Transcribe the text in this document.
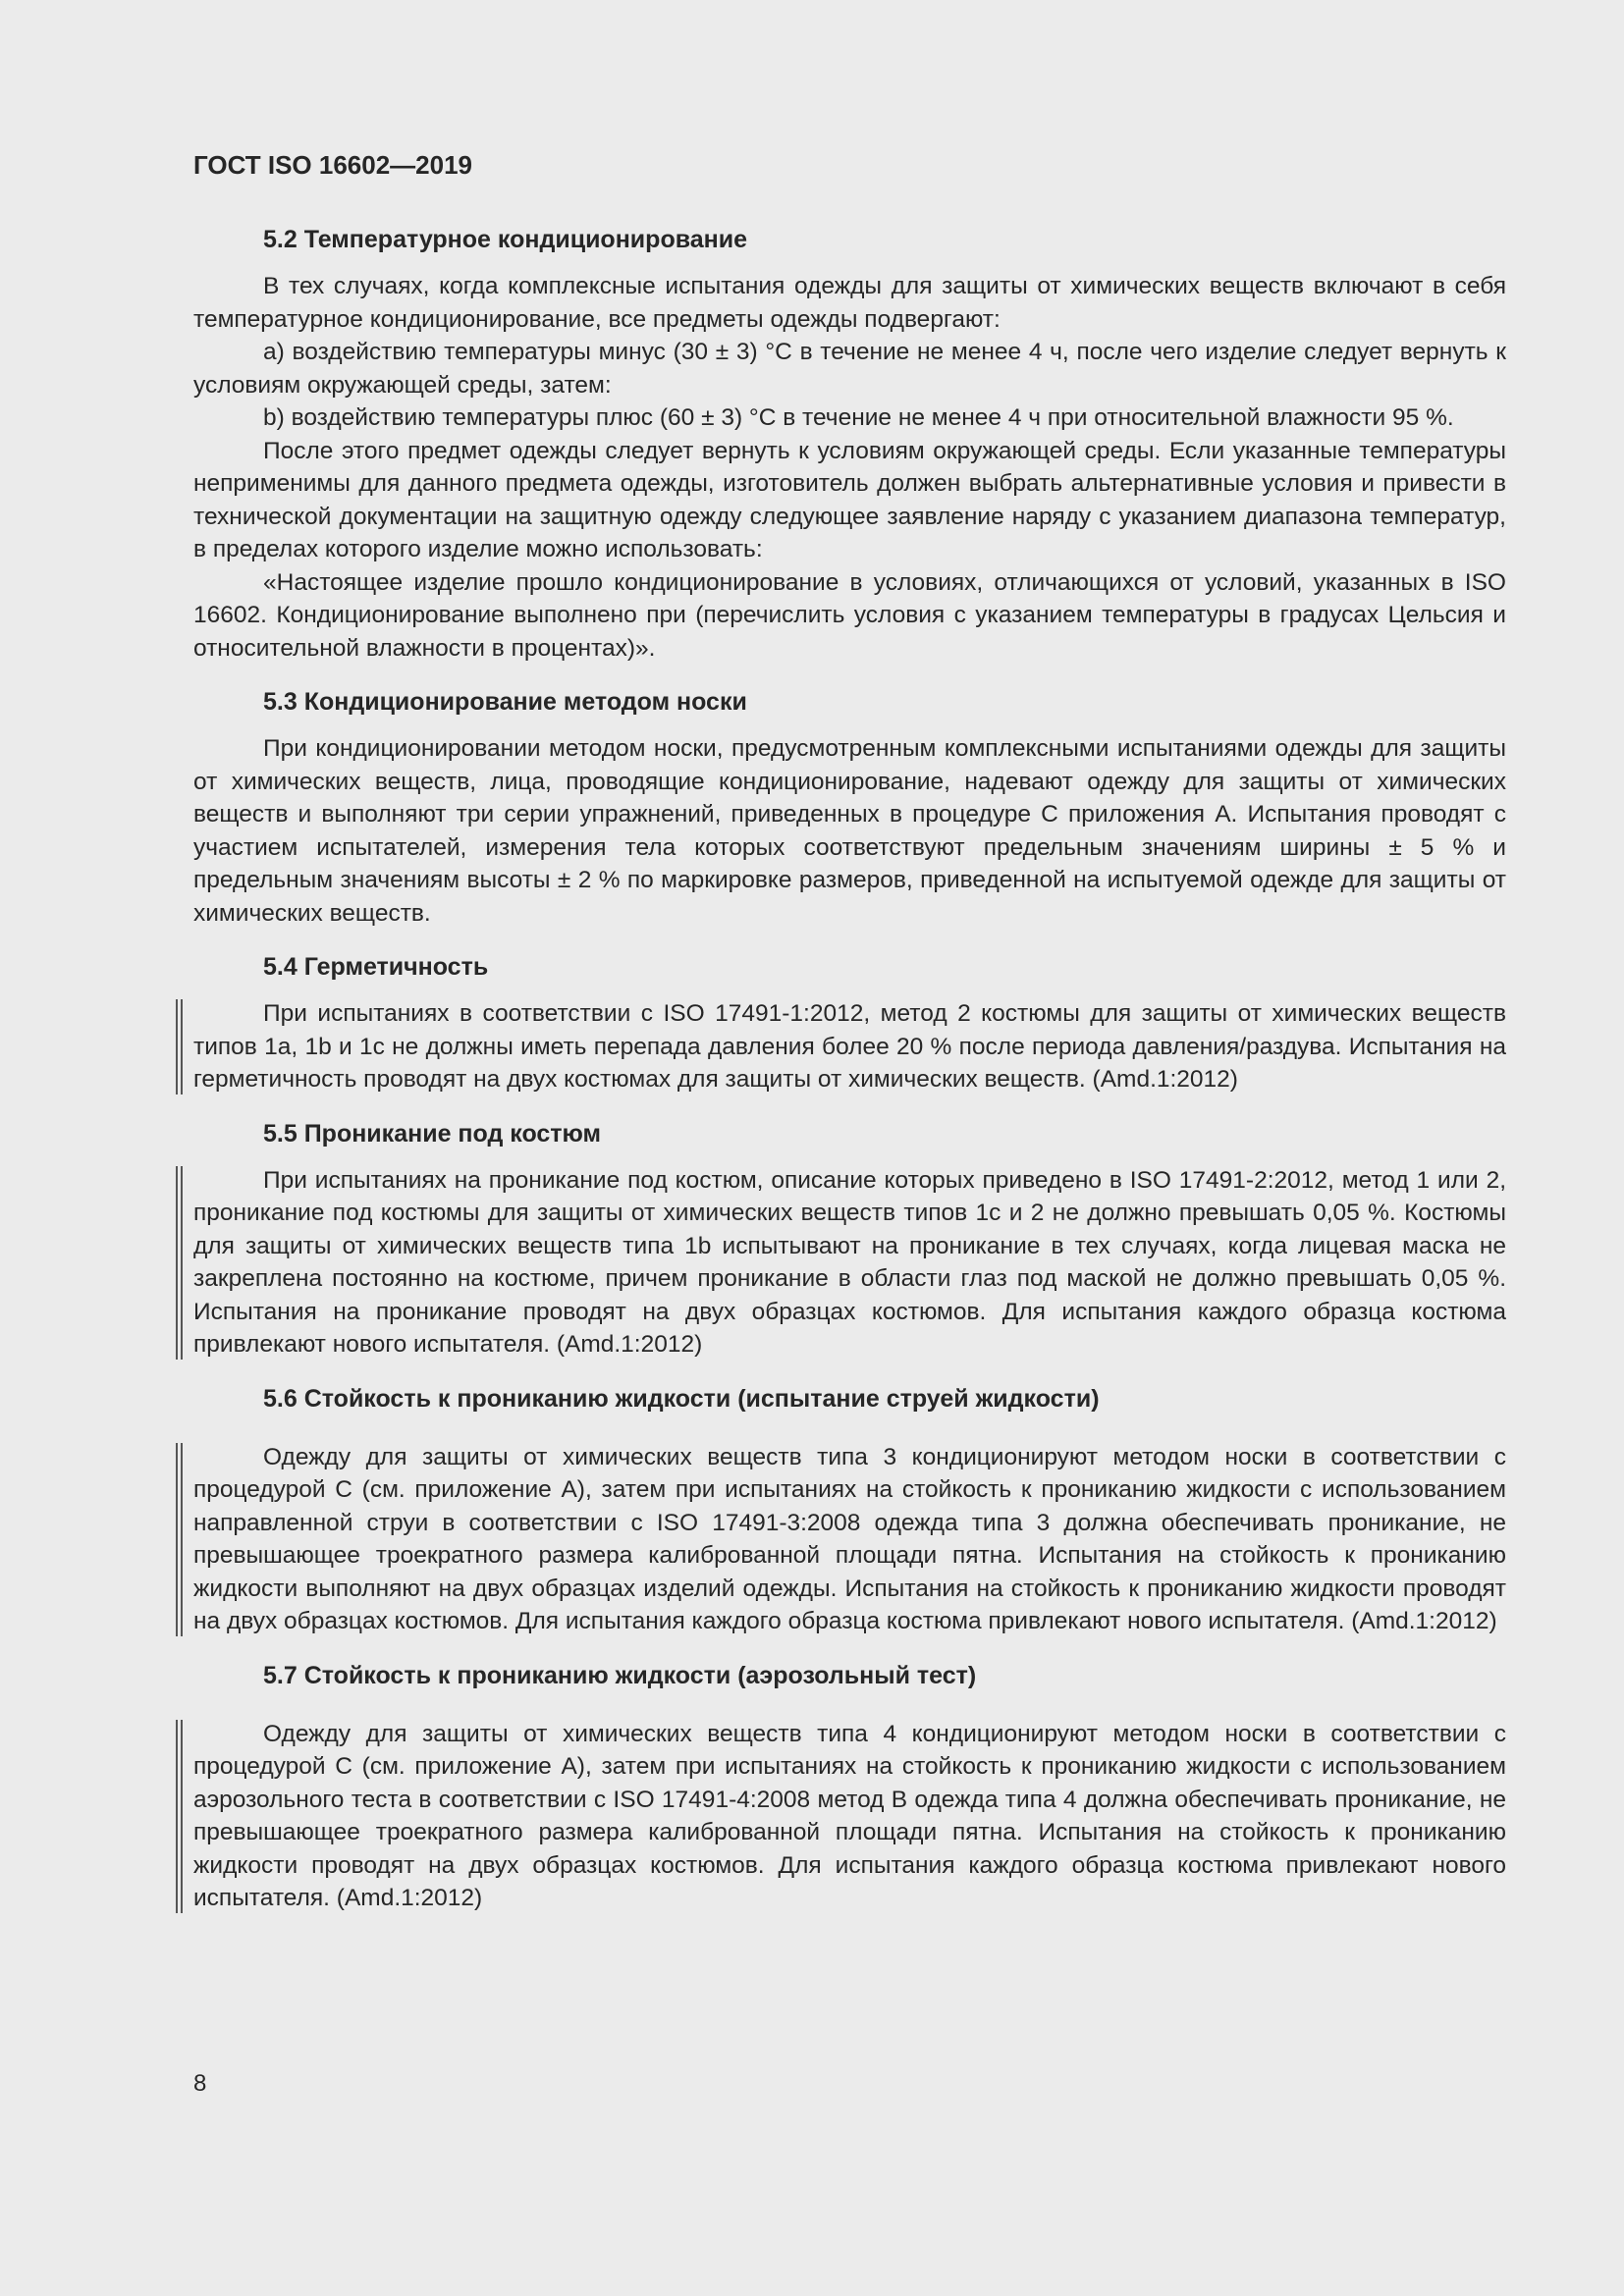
ГОСТ ISO 16602—2019
5.2 Температурное кондиционирование

В тех случаях, когда комплексные испытания одежды для защиты от химических веществ включают в себя температурное кондиционирование, все предметы одежды подвергают:

a) воздействию температуры минус (30 ± 3) °C в течение не менее 4 ч, после чего изделие следует вернуть к условиям окружающей среды, затем:

b) воздействию температуры плюс (60 ± 3) °C в течение не менее 4 ч при относительной влажности 95 %.

После этого предмет одежды следует вернуть к условиям окружающей среды. Если указанные температуры неприменимы для данного предмета одежды, изготовитель должен выбрать альтернативные условия и привести в технической документации на защитную одежду следующее заявление наряду с указанием диапазона температур, в пределах которого изделие можно использовать:

«Настоящее изделие прошло кондиционирование в условиях, отличающихся от условий, указанных в ISO 16602. Кондиционирование выполнено при (перечислить условия с указанием температуры в градусах Цельсия и относительной влажности в процентах)».

5.3 Кондиционирование методом носки

При кондиционировании методом носки, предусмотренным комплексными испытаниями одежды для защиты от химических веществ, лица, проводящие кондиционирование, надевают одежду для защиты от химических веществ и выполняют три серии упражнений, приведенных в процедуре C приложения A. Испытания проводят с участием испытателей, измерения тела которых соответствуют предельным значениям ширины ± 5 % и предельным значениям высоты ± 2 % по маркировке размеров, приведенной на испытуемой одежде для защиты от химических веществ.

5.4 Герметичность

При испытаниях в соответствии с ISO 17491-1:2012, метод 2 костюмы для защиты от химических веществ типов 1a, 1b и 1c не должны иметь перепада давления более 20 % после периода давления/раздува. Испытания на герметичность проводят на двух костюмах для защиты от химических веществ. (Amd.1:2012)

5.5 Проникание под костюм

При испытаниях на проникание под костюм, описание которых приведено в ISO 17491-2:2012, метод 1 или 2, проникание под костюмы для защиты от химических веществ типов 1c и 2 не должно превышать 0,05 %. Костюмы для защиты от химических веществ типа 1b испытывают на проникание в тех случаях, когда лицевая маска не закреплена постоянно на костюме, причем проникание в области глаз под маской не должно превышать 0,05 %. Испытания на проникание проводят на двух образцах костюмов. Для испытания каждого образца костюма привлекают нового испытателя. (Amd.1:2012)

5.6 Стойкость к прониканию жидкости (испытание струей жидкости)

Одежду для защиты от химических веществ типа 3 кондиционируют методом носки в соответствии с процедурой C (см. приложение A), затем при испытаниях на стойкость к прониканию жидкости с использованием направленной струи в соответствии с ISO 17491-3:2008 одежда типа 3 должна обеспечивать проникание, не превышающее троекратного размера калиброванной площади пятна. Испытания на стойкость к прониканию жидкости выполняют на двух образцах изделий одежды. Испытания на стойкость к прониканию жидкости проводят на двух образцах костюмов. Для испытания каждого образца костюма привлекают нового испытателя. (Amd.1:2012)

5.7 Стойкость к прониканию жидкости (аэрозольный тест)

Одежду для защиты от химических веществ типа 4 кондиционируют методом носки в соответствии с процедурой C (см. приложение A), затем при испытаниях на стойкость к прониканию жидкости с использованием аэрозольного теста в соответствии с ISO 17491-4:2008 метод B одежда типа 4 должна обеспечивать проникание, не превышающее троекратного размера калиброванной площади пятна. Испытания на стойкость к прониканию жидкости проводят на двух образцах костюмов. Для испытания каждого образца костюма привлекают нового испытателя. (Amd.1:2012)

8
